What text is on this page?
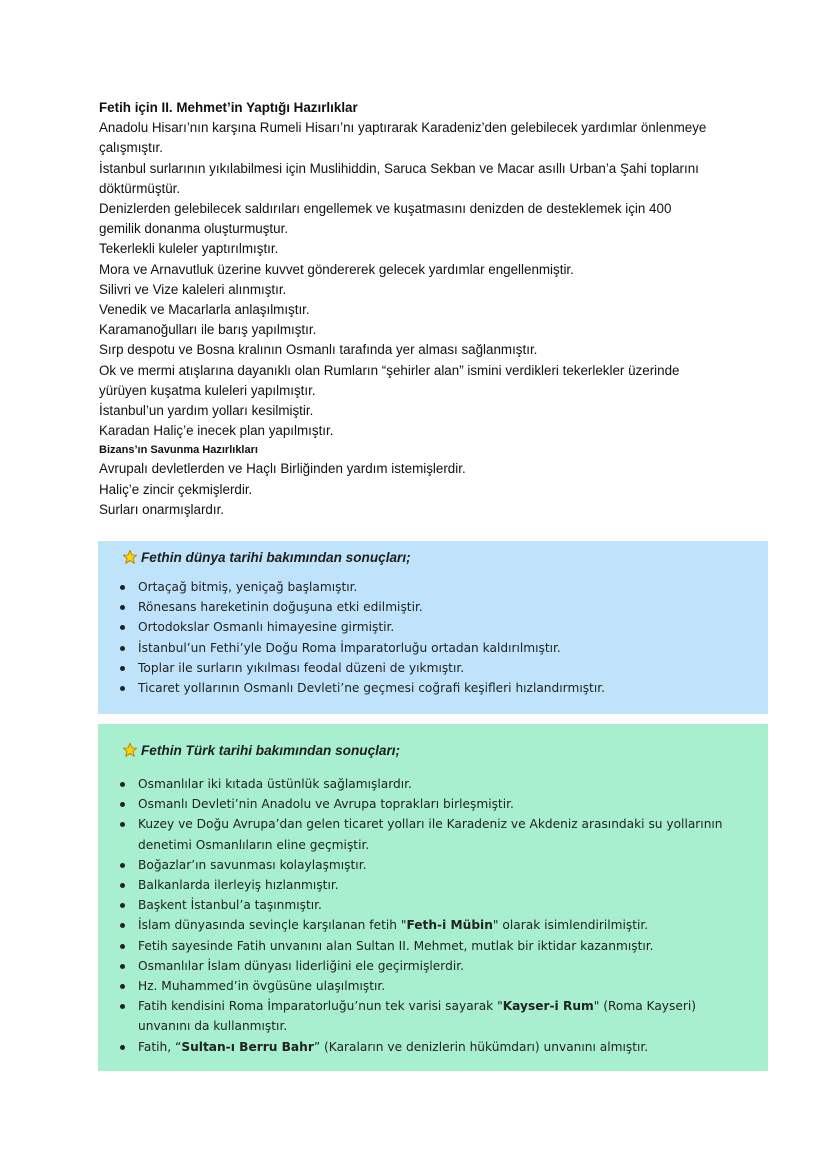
Fetih için II. Mehmet’in Yaptığı Hazırlıklar

Anadolu Hisarı’nın karşına Rumeli Hisarı’nı yaptırarak Karadeniz’den gelebilecek yardımlar önlenmeye

çalışmıştır.

İstanbul surlarının yıkılabilmesi için Muslihiddin, Saruca Sekban ve Macar asıllı Urban’a Şahi toplarını

döktürmüştür.

Denizlerden gelebilecek saldırıları engellemek ve kuşatmasını denizden de desteklemek için 400

gemilik donanma oluşturmuştur.

Tekerlekli kuleler yaptırılmıştır.

Mora ve Arnavutluk üzerine kuvvet göndererek gelecek yardımlar engellenmiştir.

Silivri ve Vize kaleleri alınmıştır.

Venedik ve Macarlarla anlaşılmıştır.

Karamanoğulları ile barış yapılmıştır.

Sırp despotu ve Bosna kralının Osmanlı tarafında yer alması sağlanmıştır.

Ok ve mermi atışlarına dayanıklı olan Rumların “şehirler alan” ismini verdikleri tekerlekler üzerinde

yürüyen kuşatma kuleleri yapılmıştır.

İstanbul’un yardım yolları kesilmiştir.

Karadan Haliç’e inecek plan yapılmıştır.

Bizans’ın Savunma Hazırlıkları

Avrupalı devletlerden ve Haçlı Birliğinden yardım istemişlerdir.

Haliç’e zincir çekmişlerdir.

Surları onarmışlardır.

Fethin dünya tarihi bakımından sonuçları;
Ortaçağ bitmiş, yeniçağ başlamıştır.
Rönesans hareketinin doğuşuna etki edilmiştir.
Ortodokslar Osmanlı himayesine girmiştir.
İstanbul’un Fethi’yle Doğu Roma İmparatorluğu ortadan kaldırılmıştır.
Toplar ile surların yıkılması feodal düzeni de yıkmıştır.
Ticaret yollarının Osmanlı Devleti’ne geçmesi coğrafi keşifleri hızlandırmıştır.
Fethin Türk tarihi bakımından sonuçları;
Osmanlılar iki kıtada üstünlük sağlamışlardır.
Osmanlı Devleti’nin Anadolu ve Avrupa toprakları birleşmiştir.
Kuzey ve Doğu Avrupa’dan gelen ticaret yolları ile Karadeniz ve Akdeniz arasındaki su yollarının denetimi Osmanlıların eline geçmiştir.
Boğazlar’ın savunması kolaylaşmıştır.
Balkanlarda ilerleyiş hızlanmıştır.
Başkent İstanbul’a taşınmıştır.
İslam dünyasında sevinçle karşılanan fetih "Feth-i Mübin" olarak isimlendirilmiştir.
Fetih sayesinde Fatih unvanını alan Sultan II. Mehmet, mutlak bir iktidar kazanmıştır.
Osmanlılar İslam dünyası liderliğini ele geçirmişlerdir.
Hz. Muhammed’in övgüsüne ulaşılmıştır.
Fatih kendisini Roma İmparatorluğu’nun tek varisi sayarak "Kayser-i Rum" (Roma Kayseri) unvanını da kullanmıştır.
Fatih, “Sultan-ı Berru Bahr” (Karaların ve denizlerin hükümdarı) unvanını almıştır.
